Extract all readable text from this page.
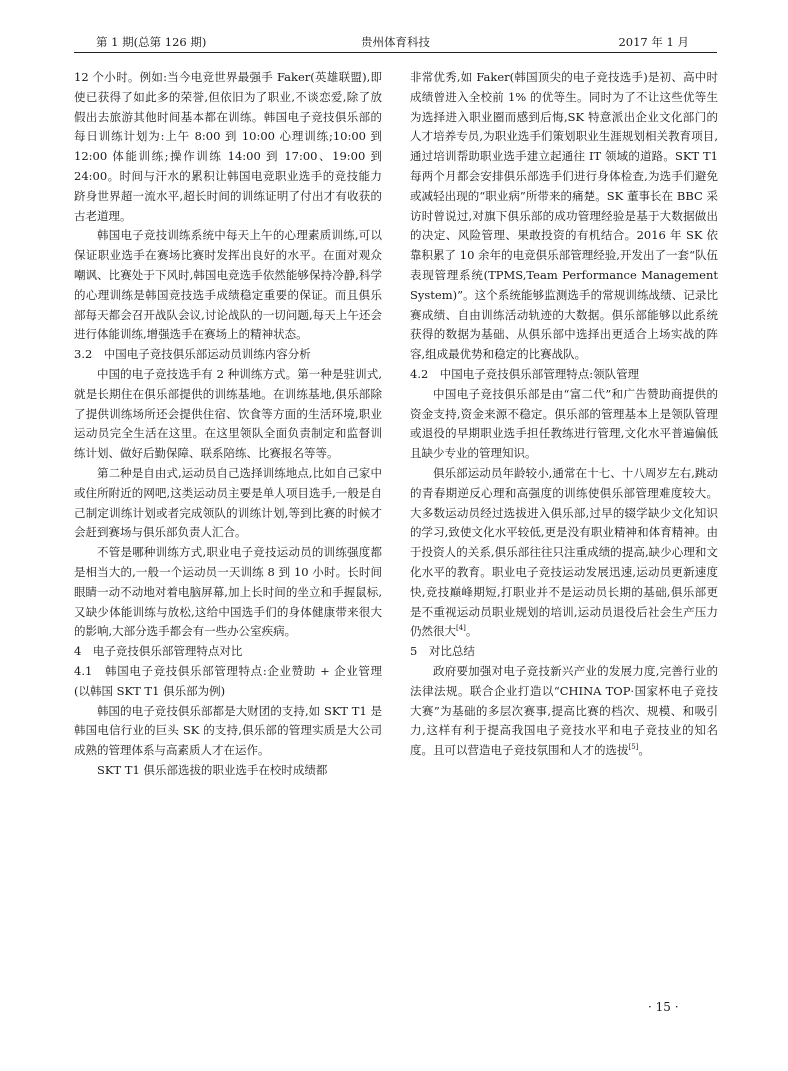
第 1 期(总第 126 期)	贵州体育科技	2017 年 1 月

12 个小时。例如:当今电竞世界最强手 Faker(英雄联盟),即使已获得了如此多的荣誉,但依旧为了职业,不谈恋爱,除了放假出去旅游其他时间基本都在训练。韩国电子竞技俱乐部的每日训练计划为:上午 8:00 到 10:00 心理训练;10:00 到 12:00 体能训练;操作训练 14:00 到 17:00、19:00 到 24:00。时间与汗水的累积让韩国电竞职业选手的竞技能力跻身世界超一流水平,超长时间的训练证明了付出才有收获的古老道理。

韩国电子竞技训练系统中每天上午的心理素质训练,可以保证职业选手在赛场比赛时发挥出良好的水平。在面对观众嘲讽、比赛处于下风时,韩国电竞选手依然能够保持冷静,科学的心理训练是韩国竞技选手成绩稳定重要的保证。而且俱乐部每天都会召开战队会议,讨论战队的一切问题,每天上午还会进行体能训练,增强选手在赛场上的精神状态。

3.2　中国电子竞技俱乐部运动员训练内容分析

中国的电子竞技选手有 2 种训练方式。第一种是驻训式,就是长期住在俱乐部提供的训练基地。在训练基地,俱乐部除了提供训练场所还会提供住宿、饮食等方面的生活环境,职业运动员完全生活在这里。在这里领队全面负责制定和监督训练计划、做好后勤保障、联系陪练、比赛报名等等。

第二种是自由式,运动员自己选择训练地点,比如自己家中或住所附近的网吧,这类运动员主要是单人项目选手,一般是自己制定训练计划或者完成领队的训练计划,等到比赛的时候才会赶到赛场与俱乐部负责人汇合。

不管是哪种训练方式,职业电子竞技运动员的训练强度都是相当大的,一般一个运动员一天训练 8 到 10 小时。长时间眼睛一动不动地对着电脑屏幕,加上长时间的坐立和手握鼠标,又缺少体能训练与放松,这给中国选手们的身体健康带来很大的影响,大部分选手都会有一些办公室疾病。

4　电子竞技俱乐部管理特点对比

4.1　韩国电子竞技俱乐部管理特点:企业赞助 + 企业管理(以韩国 SKT T1 俱乐部为例)

韩国的电子竞技俱乐部都是大财团的支持,如 SKT T1 是韩国电信行业的巨头 SK 的支持,俱乐部的管理实质是大公司成熟的管理体系与高素质人才在运作。

SKT T1 俱乐部选拔的职业选手在校时成绩都

非常优秀,如 Faker(韩国顶尖的电子竞技选手)是初、高中时成绩曾进入全校前 1% 的优等生。同时为了不让这些优等生为选择进入职业圈而感到后悔,SK 特意派出企业文化部门的人才培养专员,为职业选手们策划职业生涯规划相关教育项目,通过培训帮助职业选手建立起通往 IT 领域的道路。SKT T1 每两个月都会安排俱乐部选手们进行身体检查,为选手们避免或减轻出现的“职业病”所带来的痛楚。SK 董事长在 BBC 采访时曾说过,对旗下俱乐部的成功管理经验是基于大数据做出的决定、风险管理、果敢投资的有机结合。2016 年 SK 依靠积累了 10 余年的电竞俱乐部管理经验,开发出了一套“队伍表现管理系统(TPMS,Team Performance Management System)”。这个系统能够监测选手的常规训练战绩、记录比赛成绩、自由训练活动轨迹的大数据。俱乐部能够以此系统获得的数据为基础、从俱乐部中选择出更适合上场实战的阵容,组成最优势和稳定的比赛战队。

4.2　中国电子竞技俱乐部管理特点:领队管理

中国电子竞技俱乐部是由“富二代”和广告赞助商提供的资金支持,资金来源不稳定。俱乐部的管理基本上是领队管理或退役的早期职业选手担任教练进行管理,文化水平普遍偏低且缺少专业的管理知识。

俱乐部运动员年龄较小,通常在十七、十八周岁左右,跳动的青春期逆反心理和高强度的训练使俱乐部管理难度较大。大多数运动员经过选拔进入俱乐部,过早的辍学缺少文化知识的学习,致使文化水平较低,更是没有职业精神和体育精神。由于投资人的关系,俱乐部往往只注重成绩的提高,缺少心理和文化水平的教育。职业电子竞技运动发展迅速,运动员更新速度快,竞技巅峰期短,打职业并不是运动员长期的基础,俱乐部更是不重视运动员职业规划的培训,运动员退役后社会生产压力仍然很大[4]。

5　对比总结

政府要加强对电子竞技新兴产业的发展力度,完善行业的法律法规。联合企业打造以“CHINA TOP·国家杯电子竞技大赛”为基础的多层次赛事,提高比赛的档次、规模、和吸引力,这样有利于提高我国电子竞技水平和电子竞技业的知名度。且可以营造电子竞技氛围和人才的选拔[5]。

· 15 ·
